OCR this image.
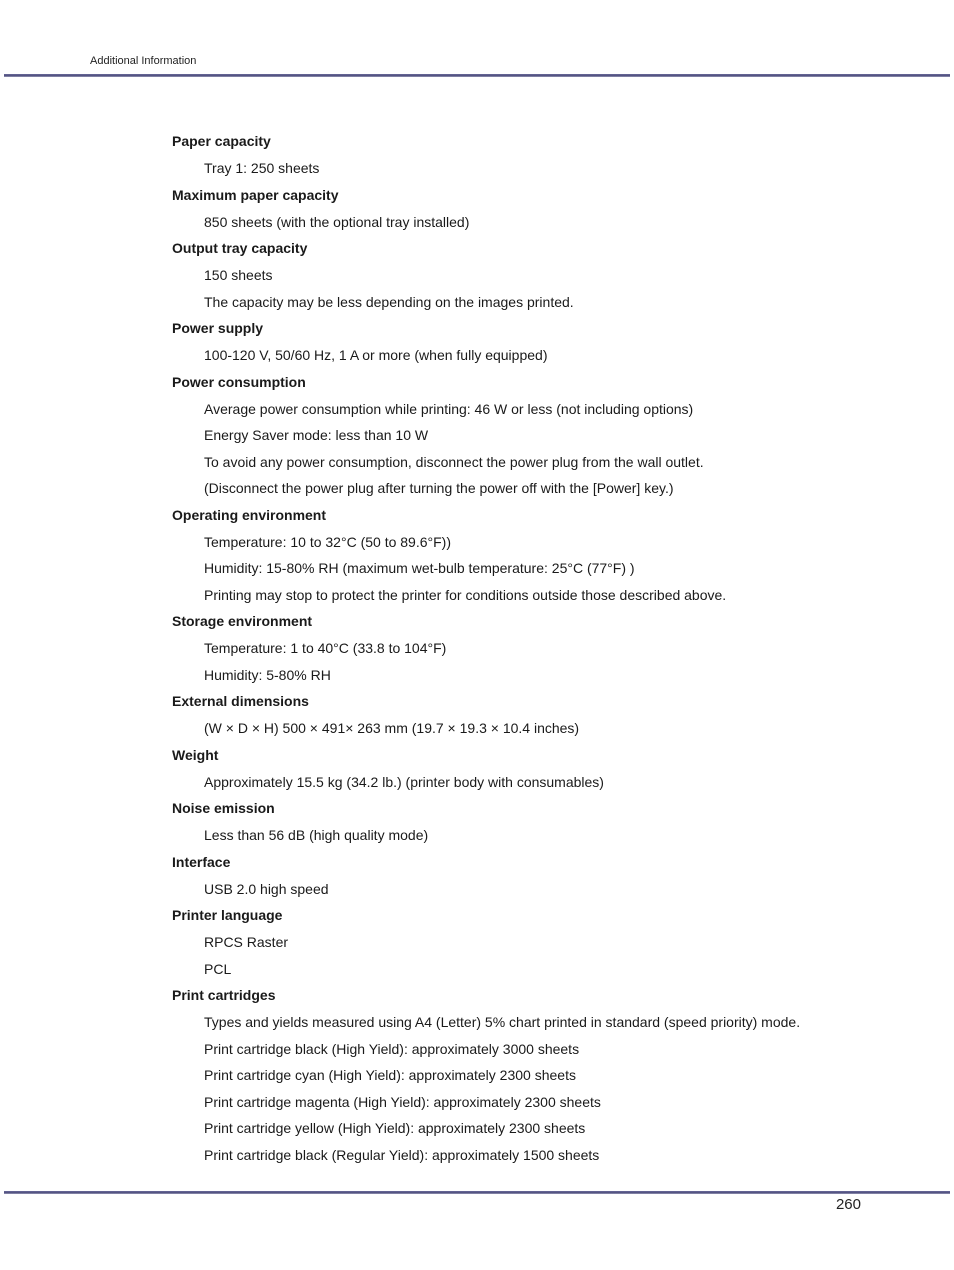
Additional Information
Paper capacity
Tray 1: 250 sheets
Maximum paper capacity
850 sheets (with the optional tray installed)
Output tray capacity
150 sheets
The capacity may be less depending on the images printed.
Power supply
100-120 V, 50/60 Hz, 1 A or more (when fully equipped)
Power consumption
Average power consumption while printing: 46 W or less (not including options)
Energy Saver mode: less than 10 W
To avoid any power consumption, disconnect the power plug from the wall outlet.
(Disconnect the power plug after turning the power off with the [Power] key.)
Operating environment
Temperature: 10 to 32°C (50 to 89.6°F))
Humidity: 15-80% RH (maximum wet-bulb temperature: 25°C (77°F) )
Printing may stop to protect the printer for conditions outside those described above.
Storage environment
Temperature: 1 to 40°C (33.8 to 104°F)
Humidity: 5-80% RH
External dimensions
(W × D × H) 500 × 491× 263 mm (19.7 × 19.3 × 10.4 inches)
Weight
Approximately 15.5 kg (34.2 lb.) (printer body with consumables)
Noise emission
Less than 56 dB (high quality mode)
Interface
USB 2.0 high speed
Printer language
RPCS Raster
PCL
Print cartridges
Types and yields measured using A4 (Letter) 5% chart printed in standard (speed priority) mode.
Print cartridge black (High Yield): approximately 3000 sheets
Print cartridge cyan (High Yield): approximately 2300 sheets
Print cartridge magenta (High Yield): approximately 2300 sheets
Print cartridge yellow (High Yield): approximately 2300 sheets
Print cartridge black (Regular Yield): approximately 1500 sheets
260
